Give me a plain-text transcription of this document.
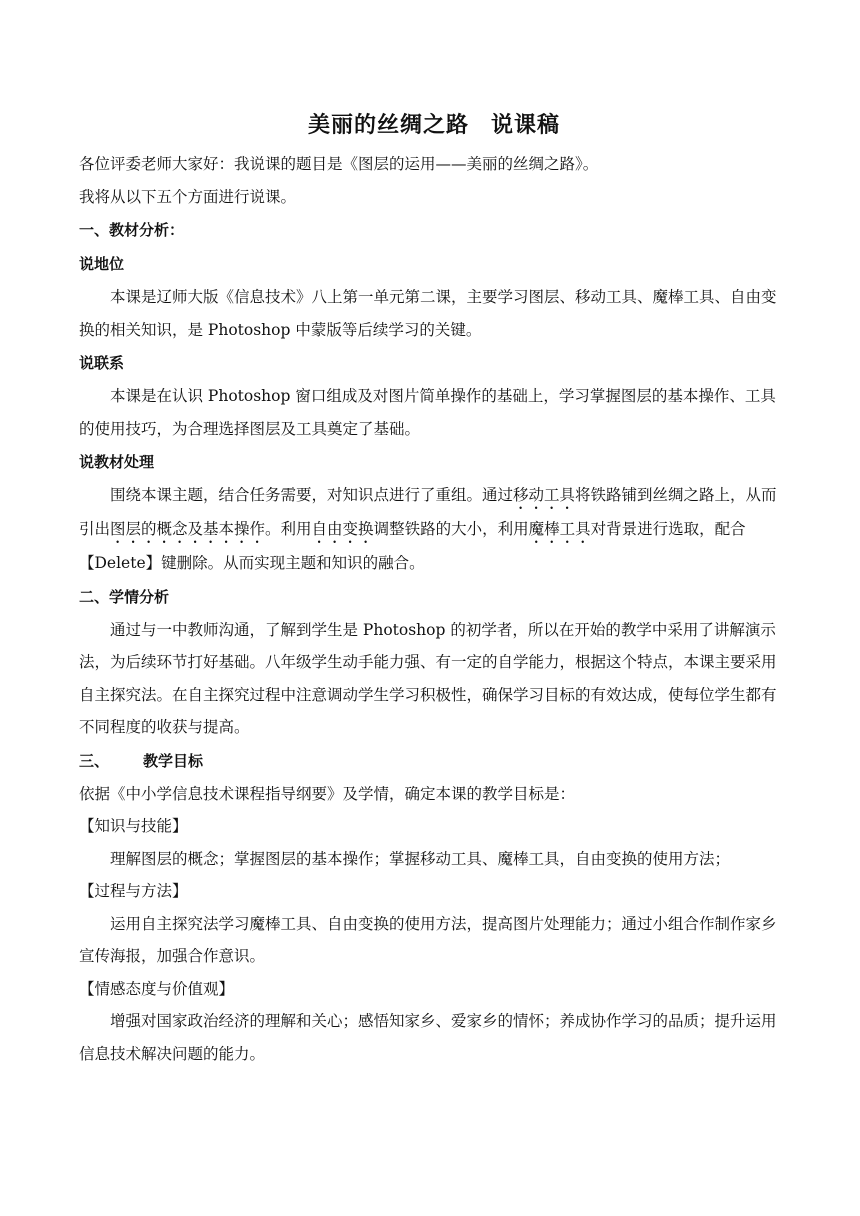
美丽的丝绸之路 说课稿

各位评委老师大家好：我说课的题目是《图层的运用——美丽的丝绸之路》。

我将从以下五个方面进行说课。

一、教材分析：

说地位

本课是辽师大版《信息技术》八上第一单元第二课，主要学习图层、移动工具、魔棒工具、自由变换的相关知识，是 Photoshop 中蒙版等后续学习的关键。

说联系

本课是在认识 Photoshop 窗口组成及对图片简单操作的基础上，学习掌握图层的基本操作、工具的使用技巧，为合理选择图层及工具奠定了基础。

说教材处理

围绕本课主题，结合任务需要，对知识点进行了重组。通过移动工具将铁路铺到丝绸之路上，从而引出图层的概念及基本操作。利用自由变换调整铁路的大小，利用魔棒工具对背景进行选取，配合【Delete】键删除。从而实现主题和知识的融合。

二、学情分析

通过与一中教师沟通，了解到学生是 Photoshop 的初学者，所以在开始的教学中采用了讲解演示法，为后续环节打好基础。八年级学生动手能力强、有一定的自学能力，根据这个特点，本课主要采用自主探究法。在自主探究过程中注意调动学生学习积极性，确保学习目标的有效达成，使每位学生都有不同程度的收获与提高。

三、 教学目标

依据《中小学信息技术课程指导纲要》及学情，确定本课的教学目标是：

【知识与技能】

理解图层的概念；掌握图层的基本操作；掌握移动工具、魔棒工具，自由变换的使用方法；

【过程与方法】

运用自主探究法学习魔棒工具、自由变换的使用方法，提高图片处理能力；通过小组合作制作家乡宣传海报，加强合作意识。

【情感态度与价值观】

增强对国家政治经济的理解和关心；感悟知家乡、爱家乡的情怀；养成协作学习的品质；提升运用信息技术解决问题的能力。
